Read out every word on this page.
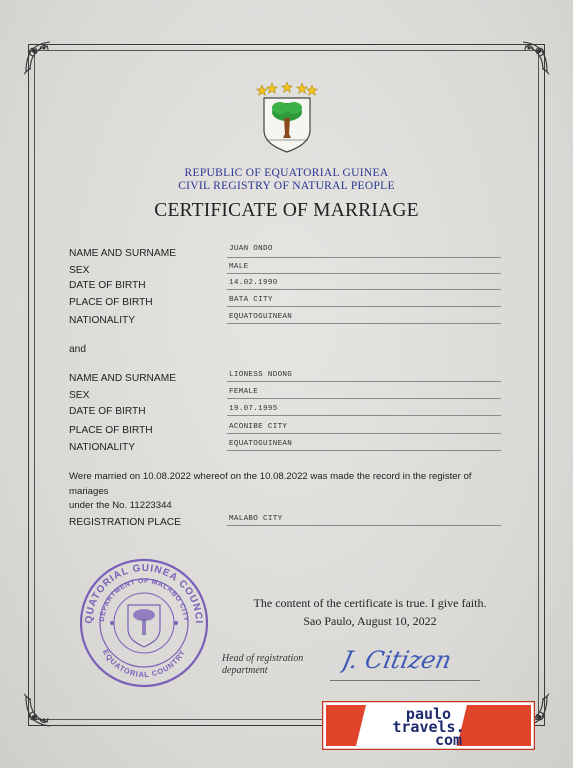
REPUBLIC OF EQUATORIAL GUINEA
CIVIL REGISTRY OF NATURAL PEOPLE
CERTIFICATE OF MARRIAGE
NAME AND SURNAME	JUAN ONDO
SEX	MALE
DATE OF BIRTH	14.02.1990
PLACE OF BIRTH	BATA CITY
NATIONALITY	EQUATOGUINEAN
and
NAME AND SURNAME	LIONESS NDONG
SEX	FEMALE
DATE OF BIRTH	19.07.1995
PLACE OF BIRTH	ACONIBE CITY
NATIONALITY	EQUATOGUINEAN
Were married on 10.08.2022 whereof on the 10.08.2022 was made the record in the register of mariages
under the No. 11223344
REGISTRATION PLACE	MALABO CITY
QUATORIAL GUINEA COUNCI
DEPARTMENT OF MALABO CITY
EQUATORIAL COUNTRY
The content of the certificate is true. I give faith.
Sao Paulo, August 10, 2022
Head of registration
department	J. Citizen
paulo
travels.
com
